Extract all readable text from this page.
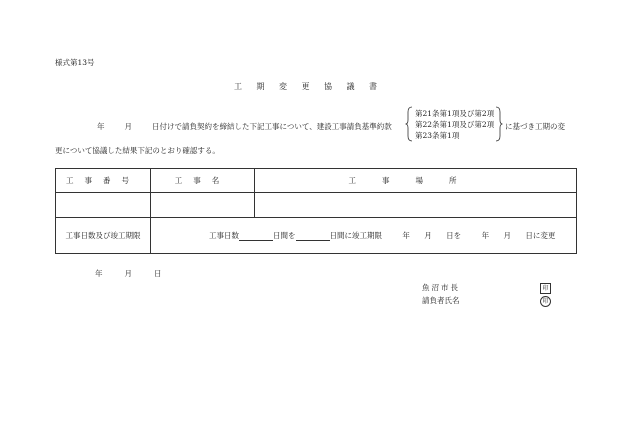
様式第13号
工期変更協議書
年	月	日付けで請負契約を締結した下記工事について、建設工事請負基準約款
第21条第1項及び第2項
第22条第1項及び第2項
第23条第1項
に基づき工期の変
更について協議した結果下記のとおり確認する。
工事番号	工事名	工事場所

工事日数及び竣工期限	工事日数 日間を 日間に竣工期限 年 月 日を 年 月 日に変更	
年	月	日
魚沼市長	印
請負者氏名	印
